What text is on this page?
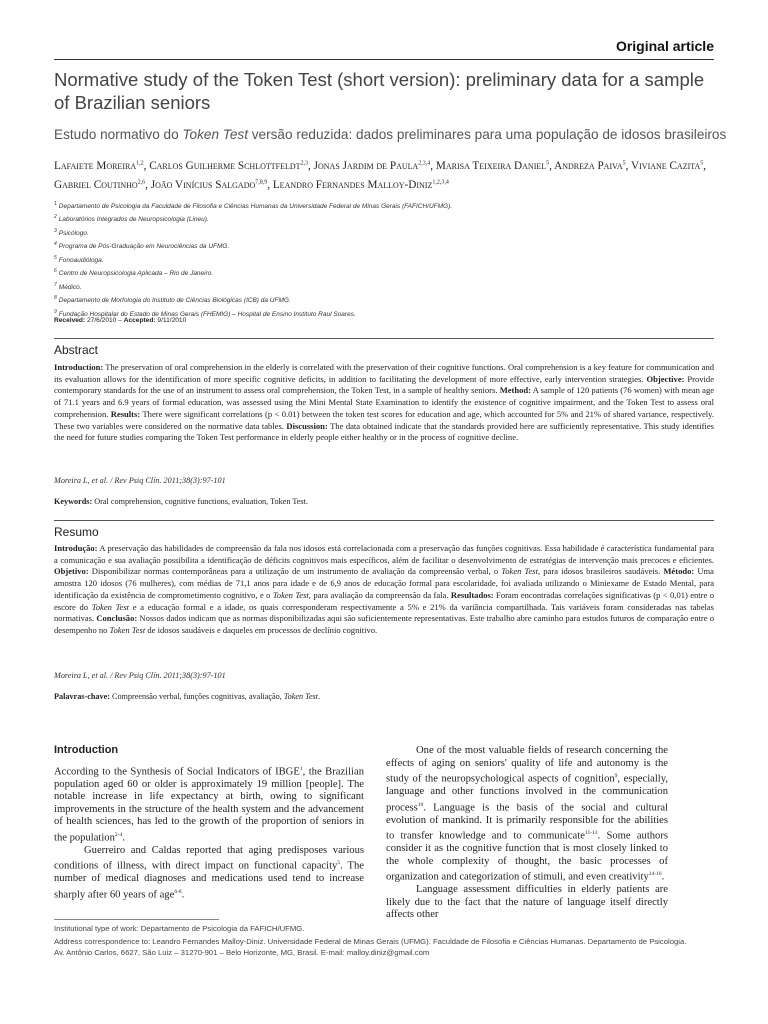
Original article
Normative study of the Token Test (short version): preliminary data for a sample of Brazilian seniors
Estudo normativo do Token Test versão reduzida: dados preliminares para uma população de idosos brasileiros
Lafaiete Moreira$^{1,2}$, Carlos Guilherme Schlottfeldt$^{2,3}$, Jonas Jardim de Paula$^{2,3,4}$, Marisa Teixeira Daniel$^5$, Andreza Paiva$^5$, Viviane Cazita$^5$, Gabriel Coutinho$^{2,6}$, João Vinícius Salgado$^{7,8,9}$, Leandro Fernandes Malloy-Diniz$^{1,2,3,4}$
$^1$ Departamento de Psicologia da Faculdade de Filosofia e Ciências Humanas da Universidade Federal de Minas Gerais (FAFICH/UFMG).
$^2$ Laboratórios Integrados de Neuropsicologia (Lineu).
$^3$ Psicólogo.
$^4$ Programa de Pós-Graduação em Neurociências da UFMG.
$^5$ Fonoaudióloga.
$^6$ Centro de Neuropsicologia Aplicada – Rio de Janeiro.
$^7$ Médico.
$^8$ Departamento de Morfologia do Instituto de Ciências Biológicas (ICB) da UFMG.
$^9$ Fundação Hospitalar do Estado de Minas Gerais (FHEMIG) – Hospital de Ensino Instituto Raul Soares.
Received: 27/6/2010 – Accepted: 9/11/2010
Abstract

Introduction: The preservation of oral comprehension in the elderly is correlated with the preservation of their cognitive functions. Oral comprehension is a key feature for communication and its evaluation allows for the identification of more specific cognitive deficits, in addition to facilitating the development of more effective, early intervention strategies. Objective: Provide contemporary standards for the use of an instrument to assess oral comprehension, the Token Test, in a sample of healthy seniors. Method: A sample of 120 patients (76 women) with mean age of 71.1 years and 6.9 years of formal education, was assessed using the Mini Mental State Examination to identify the existence of cognitive impairment, and the Token Test to assess oral comprehension. Results: There were significant correlations (p < 0.01) between the token test scores for education and age, which accounted for 5% and 21% of shared variance, respectively. These two variables were considered on the normative data tables. Discussion: The data obtained indicate that the standards provided here are sufficiently representative. This study identifies the need for future studies comparing the Token Test performance in elderly people either healthy or in the process of cognitive decline.

Moreira L, et al. / Rev Psiq Clín. 2011;38(3):97-101
Keywords: Oral comprehension, cognitive functions, evaluation, Token Test.
Resumo

Introdução: A preservação das habilidades de compreensão da fala nos idosos está correlacionada com a preservação das funções cognitivas. Essa habilidade é característica fundamental para a comunicação e sua avaliação possibilita a identificação de déficits cognitivos mais específicos, além de facilitar o desenvolvimento de estratégias de intervenção mais precoces e eficientes. Objetivo: Disponibilizar normas contemporâneas para a utilização de um instrumento de avaliação da compreensão verbal, o Token Test, para idosos brasileiros saudáveis. Método: Uma amostra 120 idosos (76 mulheres), com médias de 71,1 anos para idade e de 6,9 anos de educação formal para escolaridade, foi avaliada utilizando o Miniexame de Estado Mental, para identificação da existência de comprometimento cognitivo, e o Token Test, para avaliação da compreensão da fala. Resultados: Foram encontradas correlações significativas (p < 0,01) entre o escore do Token Test e a educação formal e a idade, os quais corresponderam respectivamente a 5% e 21% da variância compartilhada. Tais variáveis foram consideradas nas tabelas normativas. Conclusão: Nossos dados indicam que as normas disponibilizadas aqui são suficientemente representativas. Este trabalho abre caminho para estudos futuros de comparação entre o desempenho no Token Test de idosos saudáveis e daqueles em processos de declínio cognitivo.

Moreira L, et al. / Rev Psiq Clín. 2011;38(3):97-101
Palavras-chave: Compreensão verbal, funções cognitivas, avaliação, Token Test.
Introduction

According to the Synthesis of Social Indicators of IBGE$^1$, the Brazilian population aged 60 or older is approximately 19 million [people]. The notable increase in life expectancy at birth, owing to significant improvements in the structure of the health system and the advancement of health sciences, has led to the growth of the proportion of seniors in the population$^{2-4}$.

Guerreiro and Caldas reported that aging predisposes various conditions of illness, with direct impact on functional capacity$^5$. The number of medical diagnoses and medications used tend to increase sharply after 60 years of age$^{6-8}$.

One of the most valuable fields of research concerning the effects of aging on seniors' quality of life and autonomy is the study of the neuropsychological aspects of cognition$^9$, especially, language and other functions involved in the communication process$^{10}$. Language is the basis of the social and cultural evolution of mankind. It is primarily responsible for the abilities to transfer knowledge and to communicate$^{11-13}$. Some authors consider it as the cognitive function that is most closely linked to the whole complexity of thought, the basic processes of organization and categorization of stimuli, and even creativity$^{14-16}$.

Language assessment difficulties in elderly patients are likely due to the fact that the nature of language itself directly affects other

Institutional type of work: Departamento de Psicologia da FAFICH/UFMG.
Address correspondence to: Leandro Fernandes Malloy-Diniz. Universidade Federal de Minas Gerais (UFMG). Faculdade de Filosofia e Ciências Humanas. Departamento de Psicologia.
Av. Antônio Carlos, 6627, São Luiz – 31270-901 – Belo Horizonte, MG, Brasil. E-mail: malloy.diniz@gmail.com
